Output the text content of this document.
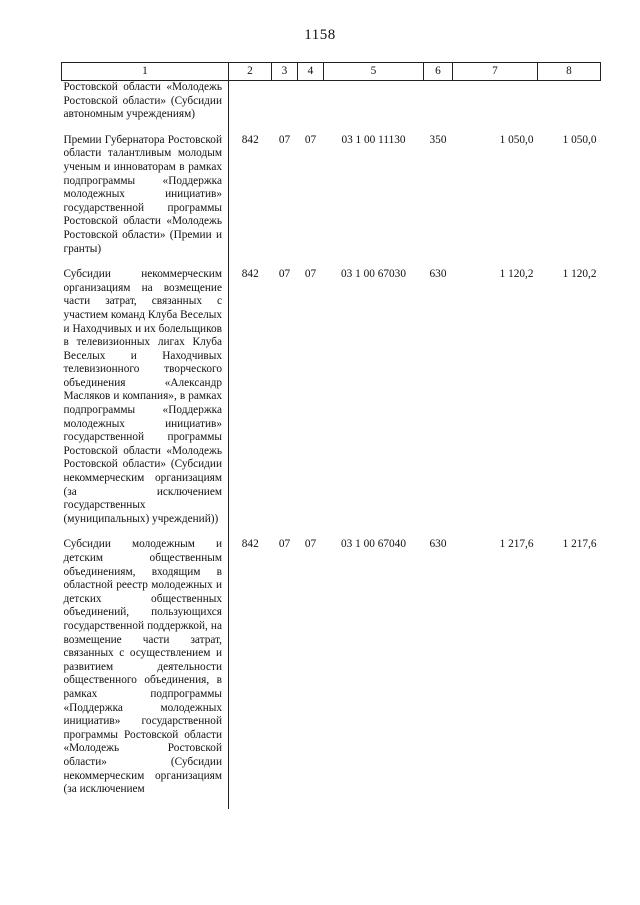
1158
1	2	3	4	5	6	7	8
Ростовской области «Молодежь Ростовской области» (Субсидии автономным учреждениям)							
Премии Губернатора Ростовской области талантливым молодым ученым и инноваторам в рамках подпрограммы «Поддержка молодежных инициатив» государственной программы Ростовской области «Молодежь Ростовской области» (Премии и гранты)	842	07	07	03 1 00 11130	350	1 050,0	1 050,0
Субсидии некоммерческим организациям на возмещение части затрат, связанных с участием команд Клуба Веселых и Находчивых и их болельщиков в телевизионных лигах Клуба Веселых и Находчивых телевизионного творческого объединения «Александр Масляков и компания», в рамках подпрограммы «Поддержка молодежных инициатив» государственной программы Ростовской области «Молодежь Ростовской области» (Субсидии некоммерческим организациям (за исключением государственных (муниципальных) учреждений))	842	07	07	03 1 00 67030	630	1 120,2	1 120,2
Субсидии молодежным и детским общественным объединениям, входящим в областной реестр молодежных и детских общественных объединений, пользующихся государственной поддержкой, на возмещение части затрат, связанных с осуществлением и развитием деятельности общественного объединения, в рамках подпрограммы «Поддержка молодежных инициатив» государственной программы Ростовской области «Молодежь Ростовской области» (Субсидии некоммерческим организациям (за исключением	842	07	07	03 1 00 67040	630	1 217,6	1 217,6
